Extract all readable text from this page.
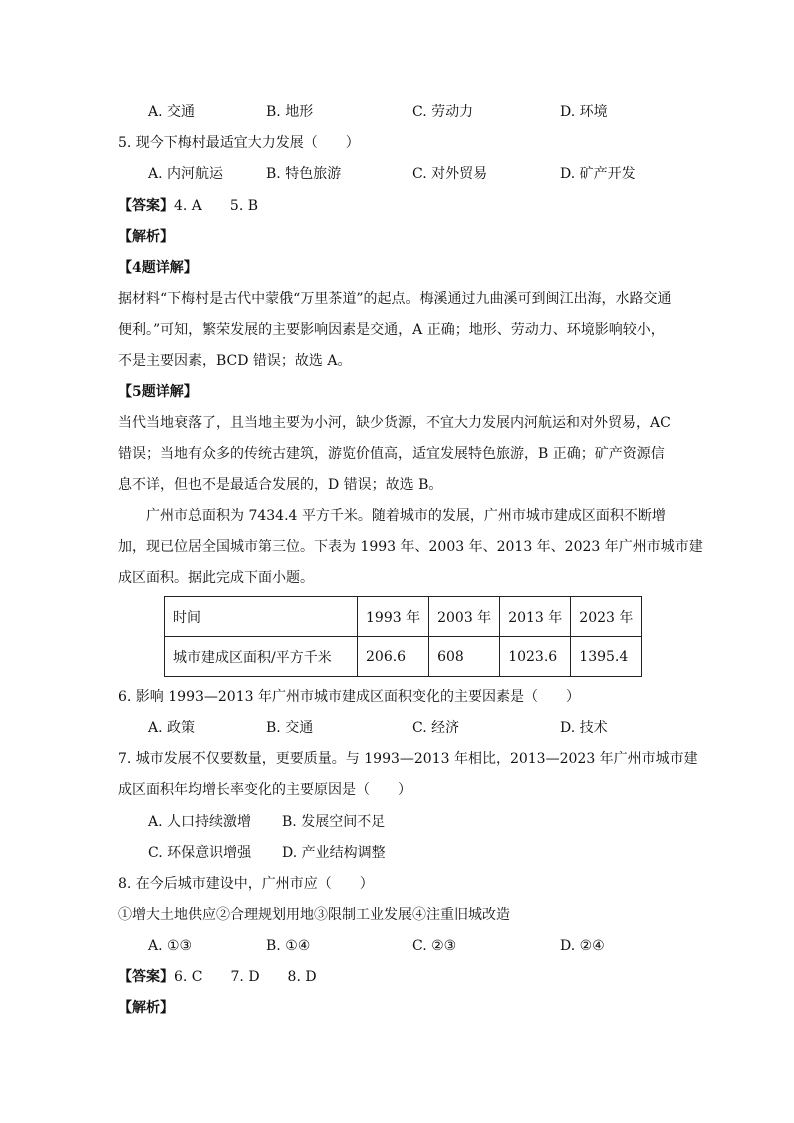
A. 交通	B. 地形	C. 劳动力	D. 环境
5. 现今下梅村最适宜大力发展（　　）
A. 内河航运	B. 特色旅游	C. 对外贸易	D. 矿产开发
【答案】4. A　　5. B
【解析】
【4题详解】
据材料“下梅村是古代中蒙俄“万里茶道”的起点。梅溪通过九曲溪可到闽江出海，水路交通
便利。”可知，繁荣发展的主要影响因素是交通，A 正确；地形、劳动力、环境影响较小，
不是主要因素，BCD 错误；故选 A。
【5题详解】
当代当地衰落了，且当地主要为小河，缺少货源，不宜大力发展内河航运和对外贸易，AC
错误；当地有众多的传统古建筑，游览价值高，适宜发展特色旅游，B 正确；矿产资源信
息不详，但也不是最适合发展的，D 错误；故选 B。
　　广州市总面积为 7434.4 平方千米。随着城市的发展，广州市城市建成区面积不断增
加，现已位居全国城市第三位。下表为 1993 年、2003 年、2013 年、2023 年广州市城市建
成区面积。据此完成下面小题。
时间	1993 年	2003 年	2013 年	2023 年
城市建成区面积/平方千米	206.6	608	1023.6	1395.4
6. 影响 1993—2013 年广州市城市建成区面积变化的主要因素是（　　）
A. 政策	B. 交通	C. 经济	D. 技术
7. 城市发展不仅要数量，更要质量。与 1993—2013 年相比，2013—2023 年广州市城市建
成区面积年均增长率变化的主要原因是（　　）
A. 人口持续激增 B. 发展空间不足
C. 环保意识增强 D. 产业结构调整
8. 在今后城市建设中，广州市应（　　）
①增大土地供应②合理规划用地③限制工业发展④注重旧城改造
A. ①③	B. ①④	C. ②③	D. ②④
【答案】6. C　　7. D　　8. D
【解析】
